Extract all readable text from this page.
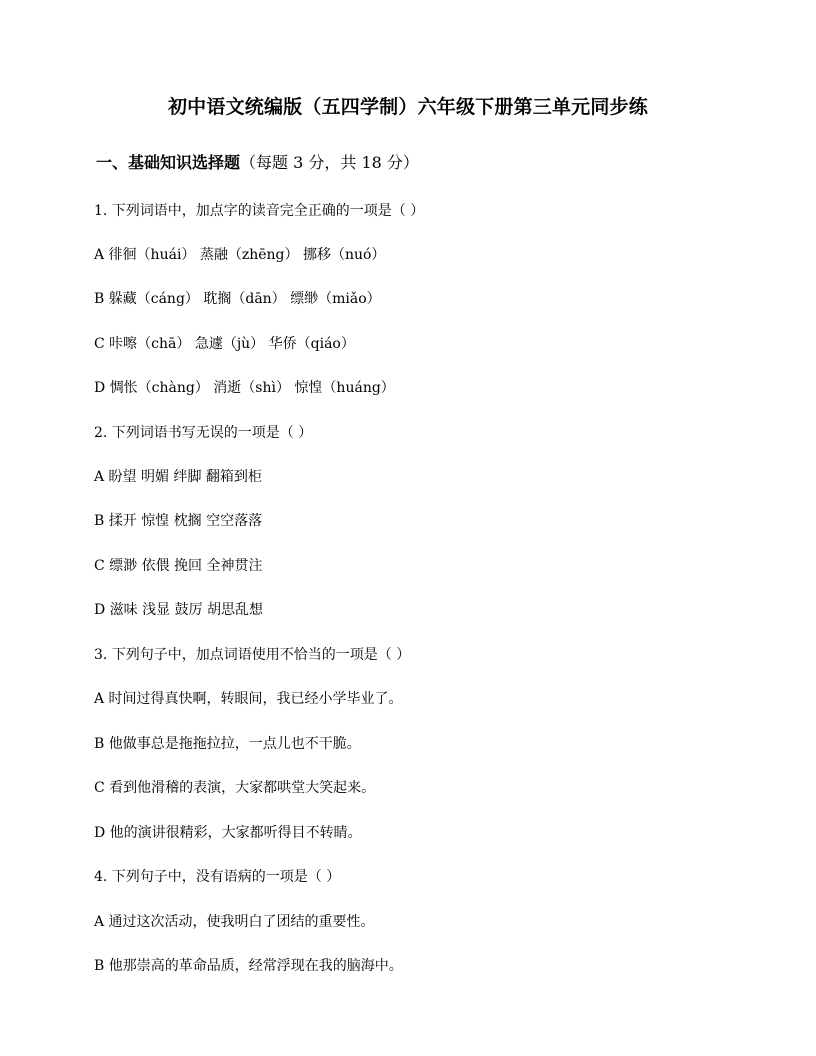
初中语文统编版（五四学制）六年级下册第三单元同步练
一、基础知识选择题（每题 3 分，共 18 分）
1. 下列词语中，加点字的读音完全正确的一项是（ ）
A 徘徊（huái） 蒸融（zhēng） 挪移（nuó）
B 躲藏（cáng） 耽搁（dān） 缥缈（miǎo）
C 咔嚓（chā） 急遽（jù） 华侨（qiáo）
D 惆怅（chàng） 消逝（shì） 惊惶（huáng）
2. 下列词语书写无误的一项是（ ）
A 盼望 明媚 绊脚 翻箱到柜
B 揉开 惊惶 枕搁 空空落落
C 缥渺 依偎 挽回 全神贯注
D 滋味 浅显 鼓厉 胡思乱想
3. 下列句子中，加点词语使用不恰当的一项是（ ）
A 时间过得真快啊，转眼间，我已经小学毕业了。
B 他做事总是拖拖拉拉，一点儿也不干脆。
C 看到他滑稽的表演，大家都哄堂大笑起来。
D 他的演讲很精彩，大家都听得目不转睛。
4. 下列句子中，没有语病的一项是（ ）
A 通过这次活动，使我明白了团结的重要性。
B 他那崇高的革命品质，经常浮现在我的脑海中。
